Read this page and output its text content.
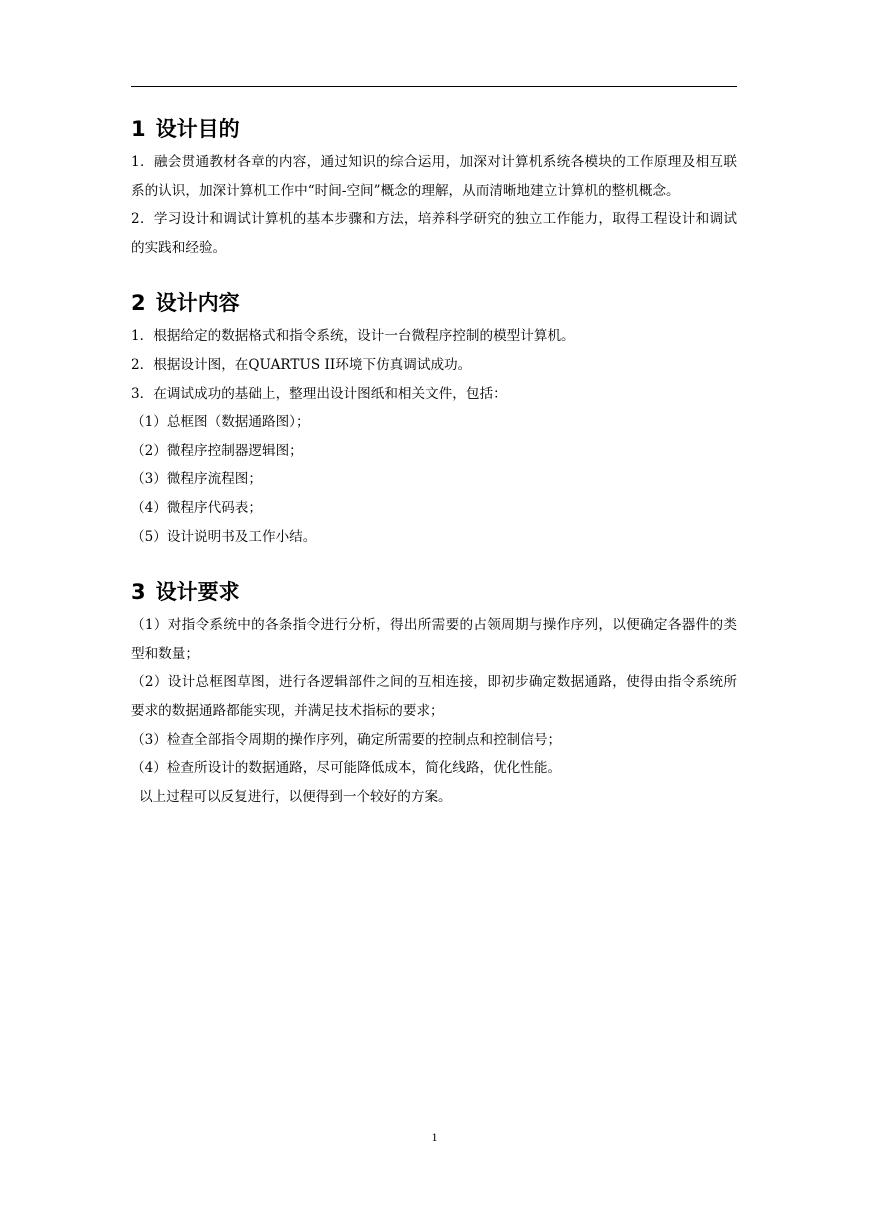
1 设计目的

1．融会贯通教材各章的内容，通过知识的综合运用，加深对计算机系统各模块的工作原理及相互联系的认识，加深计算机工作中“时间-空间”概念的理解，从而清晰地建立计算机的整机概念。

2．学习设计和调试计算机的基本步骤和方法，培养科学研究的独立工作能力，取得工程设计和调试的实践和经验。

2 设计内容

1．根据给定的数据格式和指令系统，设计一台微程序控制的模型计算机。

2．根据设计图，在QUARTUS II环境下仿真调试成功。

3．在调试成功的基础上，整理出设计图纸和相关文件，包括：

（1）总框图（数据通路图）；

（2）微程序控制器逻辑图；

（3）微程序流程图；

（4）微程序代码表；

（5）设计说明书及工作小结。

3 设计要求

（1）对指令系统中的各条指令进行分析，得出所需要的占领周期与操作序列，以便确定各器件的类型和数量；

（2）设计总框图草图，进行各逻辑部件之间的互相连接，即初步确定数据通路，使得由指令系统所要求的数据通路都能实现，并满足技术指标的要求；

（3）检查全部指令周期的操作序列，确定所需要的控制点和控制信号；

（4）检查所设计的数据通路，尽可能降低成本，简化线路，优化性能。

以上过程可以反复进行，以便得到一个较好的方案。

1
